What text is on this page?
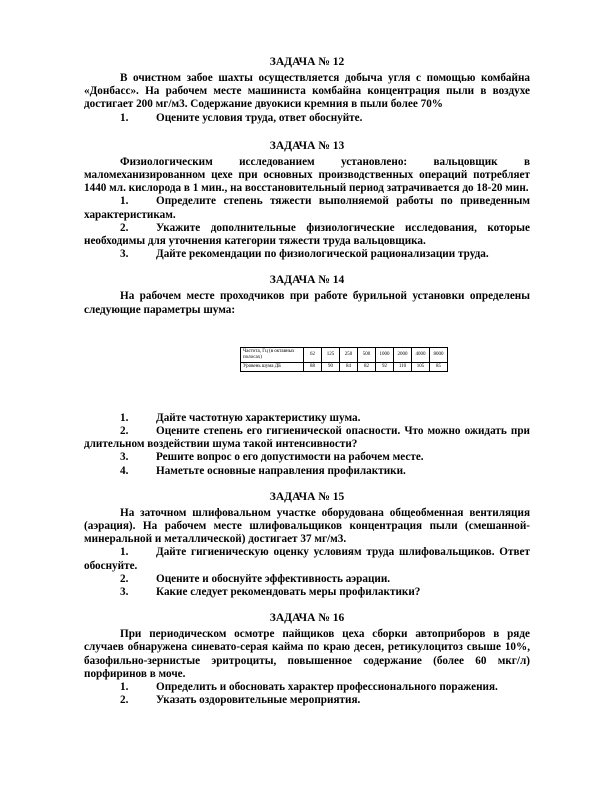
ЗАДАЧА № 12

В очистном забое шахты осуществляется добыча угля с помощью комбайна «Донбасс». На рабочем месте машиниста комбайна концентрация пыли в воздухе достигает 200 мг/м3. Содержание двуокиси кремния в пыли более 70%

1. Оцените условия труда, ответ обоснуйте.

ЗАДАЧА № 13

Физиологическим исследованием установлено: вальцовщик в маломеханизированном цехе при основных производственных операций потребляет 1440 мл. кислорода в 1 мин., на восстановительный период затрачивается до 18-20 мин.

1. Определите степень тяжести выполняемой работы по приведенным характеристикам.

2. Укажите дополнительные физиологические исследования, которые необходимы для уточнения категории тяжести труда вальцовщика.

3. Дайте рекомендации по физиологической рационализации труда.

ЗАДАЧА № 14

На рабочем месте проходчиков при работе бурильной установки определены следующие параметры шума:

Частота, Гц (в октавных полосах)	62	125	250	500	1000	2000	4000	8000
Уровень шума ДБ	88	90	84	82	92	110	105	85

1. Дайте частотную характеристику шума.

2. Оцените степень его гигиенической опасности. Что можно ожидать при длительном воздействии шума такой интенсивности?

3. Решите вопрос о его допустимости на рабочем месте.

4. Наметьте основные направления профилактики.

ЗАДАЧА № 15

На заточном шлифовальном участке оборудована общеобменная вентиляция (аэрация). На рабочем месте шлифовальщиков концентрация пыли (смешанной-минеральной и металлической) достигает 37 мг/м3.

1. Дайте гигиеническую оценку условиям труда шлифовальщиков. Ответ обоснуйте.

2. Оцените и обоснуйте эффективность аэрации.

3. Какие следует рекомендовать меры профилактики?

ЗАДАЧА № 16

При периодическом осмотре пайщиков цеха сборки автоприборов в ряде случаев обнаружена синевато-серая кайма по краю десен, ретикулоцитоз свыше 10%, базофильно-зернистые эритроциты, повышенное содержание (более 60 мкг/л) порфиринов в моче.

1. Определить и обосновать характер профессионального поражения.

2. Указать оздоровительные мероприятия.
